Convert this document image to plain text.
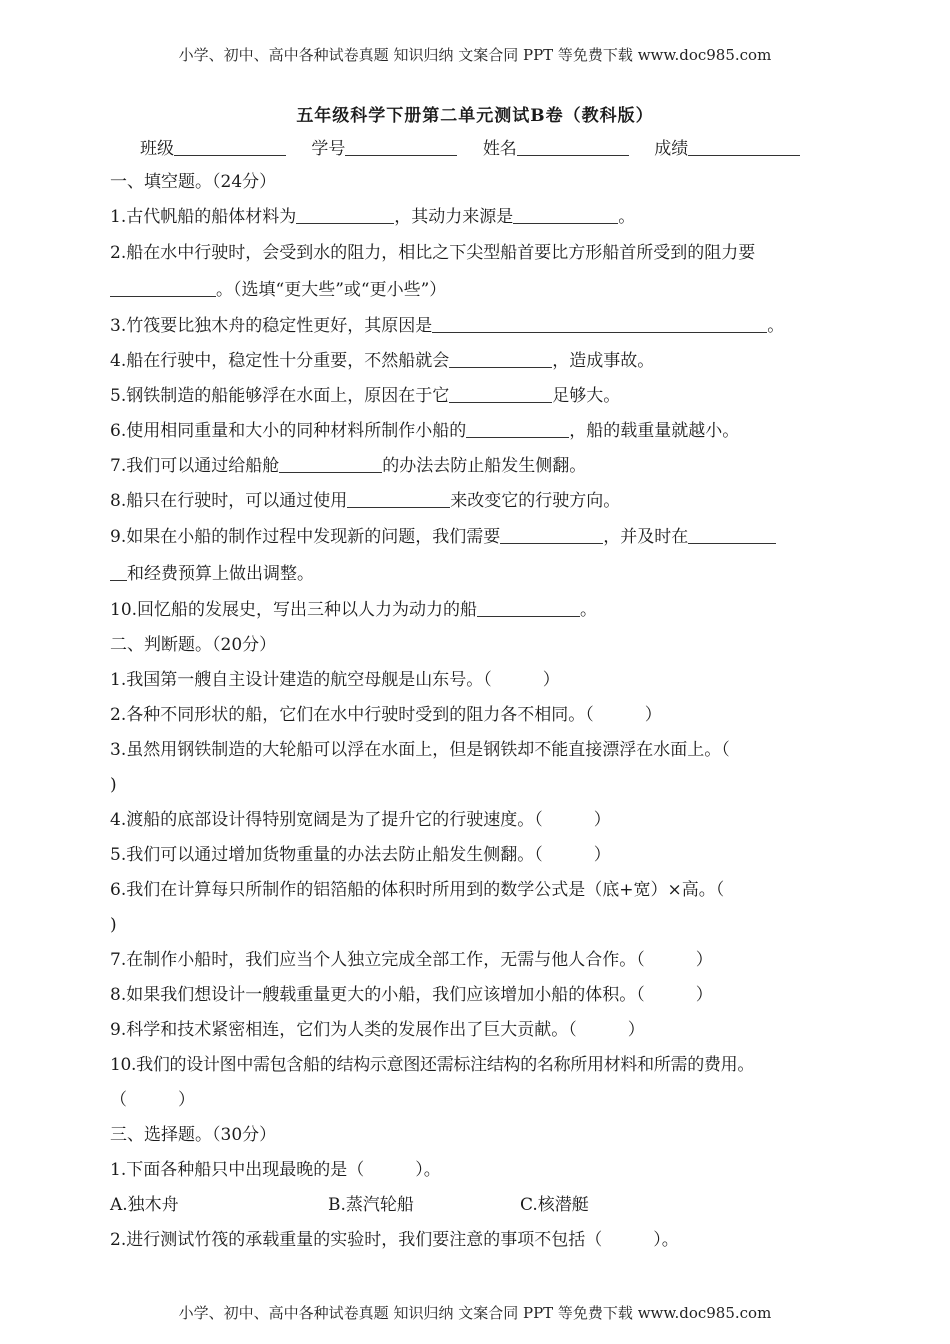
小学、初中、高中各种试卷真题 知识归纳 文案合同 PPT 等免费下载 www.doc985.com
五年级科学下册第二单元测试B卷（教科版）
班级	学号	姓名	成绩
一、填空题。（24分）
1.古代帆船的船体材料为	，其动力来源是	。
2.船在水中行驶时，会受到水的阻力，相比之下尖型船首要比方形船首所受到的阻力要
。（选填“更大些”或“更小些”）
3.竹筏要比独木舟的稳定性更好，其原因是	。
4.船在行驶中，稳定性十分重要，不然船就会	，造成事故。
5.钢铁制造的船能够浮在水面上，原因在于它	足够大。
6.使用相同重量和大小的同种材料所制作小船的	，船的载重量就越小。
7.我们可以通过给船舱	的办法去防止船发生侧翻。
8.船只在行驶时，可以通过使用	来改变它的行驶方向。
9.如果在小船的制作过程中发现新的问题，我们需要	，并及时在
和经费预算上做出调整。
10.回忆船的发展史，写出三种以人力为动力的船	。
二、判断题。（20分）
1.我国第一艘自主设计建造的航空母舰是山东号。（　　　）
2.各种不同形状的船，它们在水中行驶时受到的阻力各不相同。（　　　）
3.虽然用钢铁制造的大轮船可以浮在水面上，但是钢铁却不能直接漂浮在水面上。（
)
4.渡船的底部设计得特别宽阔是为了提升它的行驶速度。（　　　）
5.我们可以通过增加货物重量的办法去防止船发生侧翻。（　　　）
6.我们在计算每只所制作的铝箔船的体积时所用到的数学公式是（底+宽）×高。（
)
7.在制作小船时，我们应当个人独立完成全部工作，无需与他人合作。（　　　）
8.如果我们想设计一艘载重量更大的小船，我们应该增加小船的体积。（　　　）
9.科学和技术紧密相连，它们为人类的发展作出了巨大贡献。（　　　）
10.我们的设计图中需包含船的结构示意图还需标注结构的名称所用材料和所需的费用。
（　　　）
三、选择题。（30分）
1.下面各种船只中出现最晚的是（　　　）。
A.独木舟	B.蒸汽轮船	C.核潜艇
2.进行测试竹筏的承载重量的实验时，我们要注意的事项不包括（　　　）。
小学、初中、高中各种试卷真题 知识归纳 文案合同 PPT 等免费下载 www.doc985.com
